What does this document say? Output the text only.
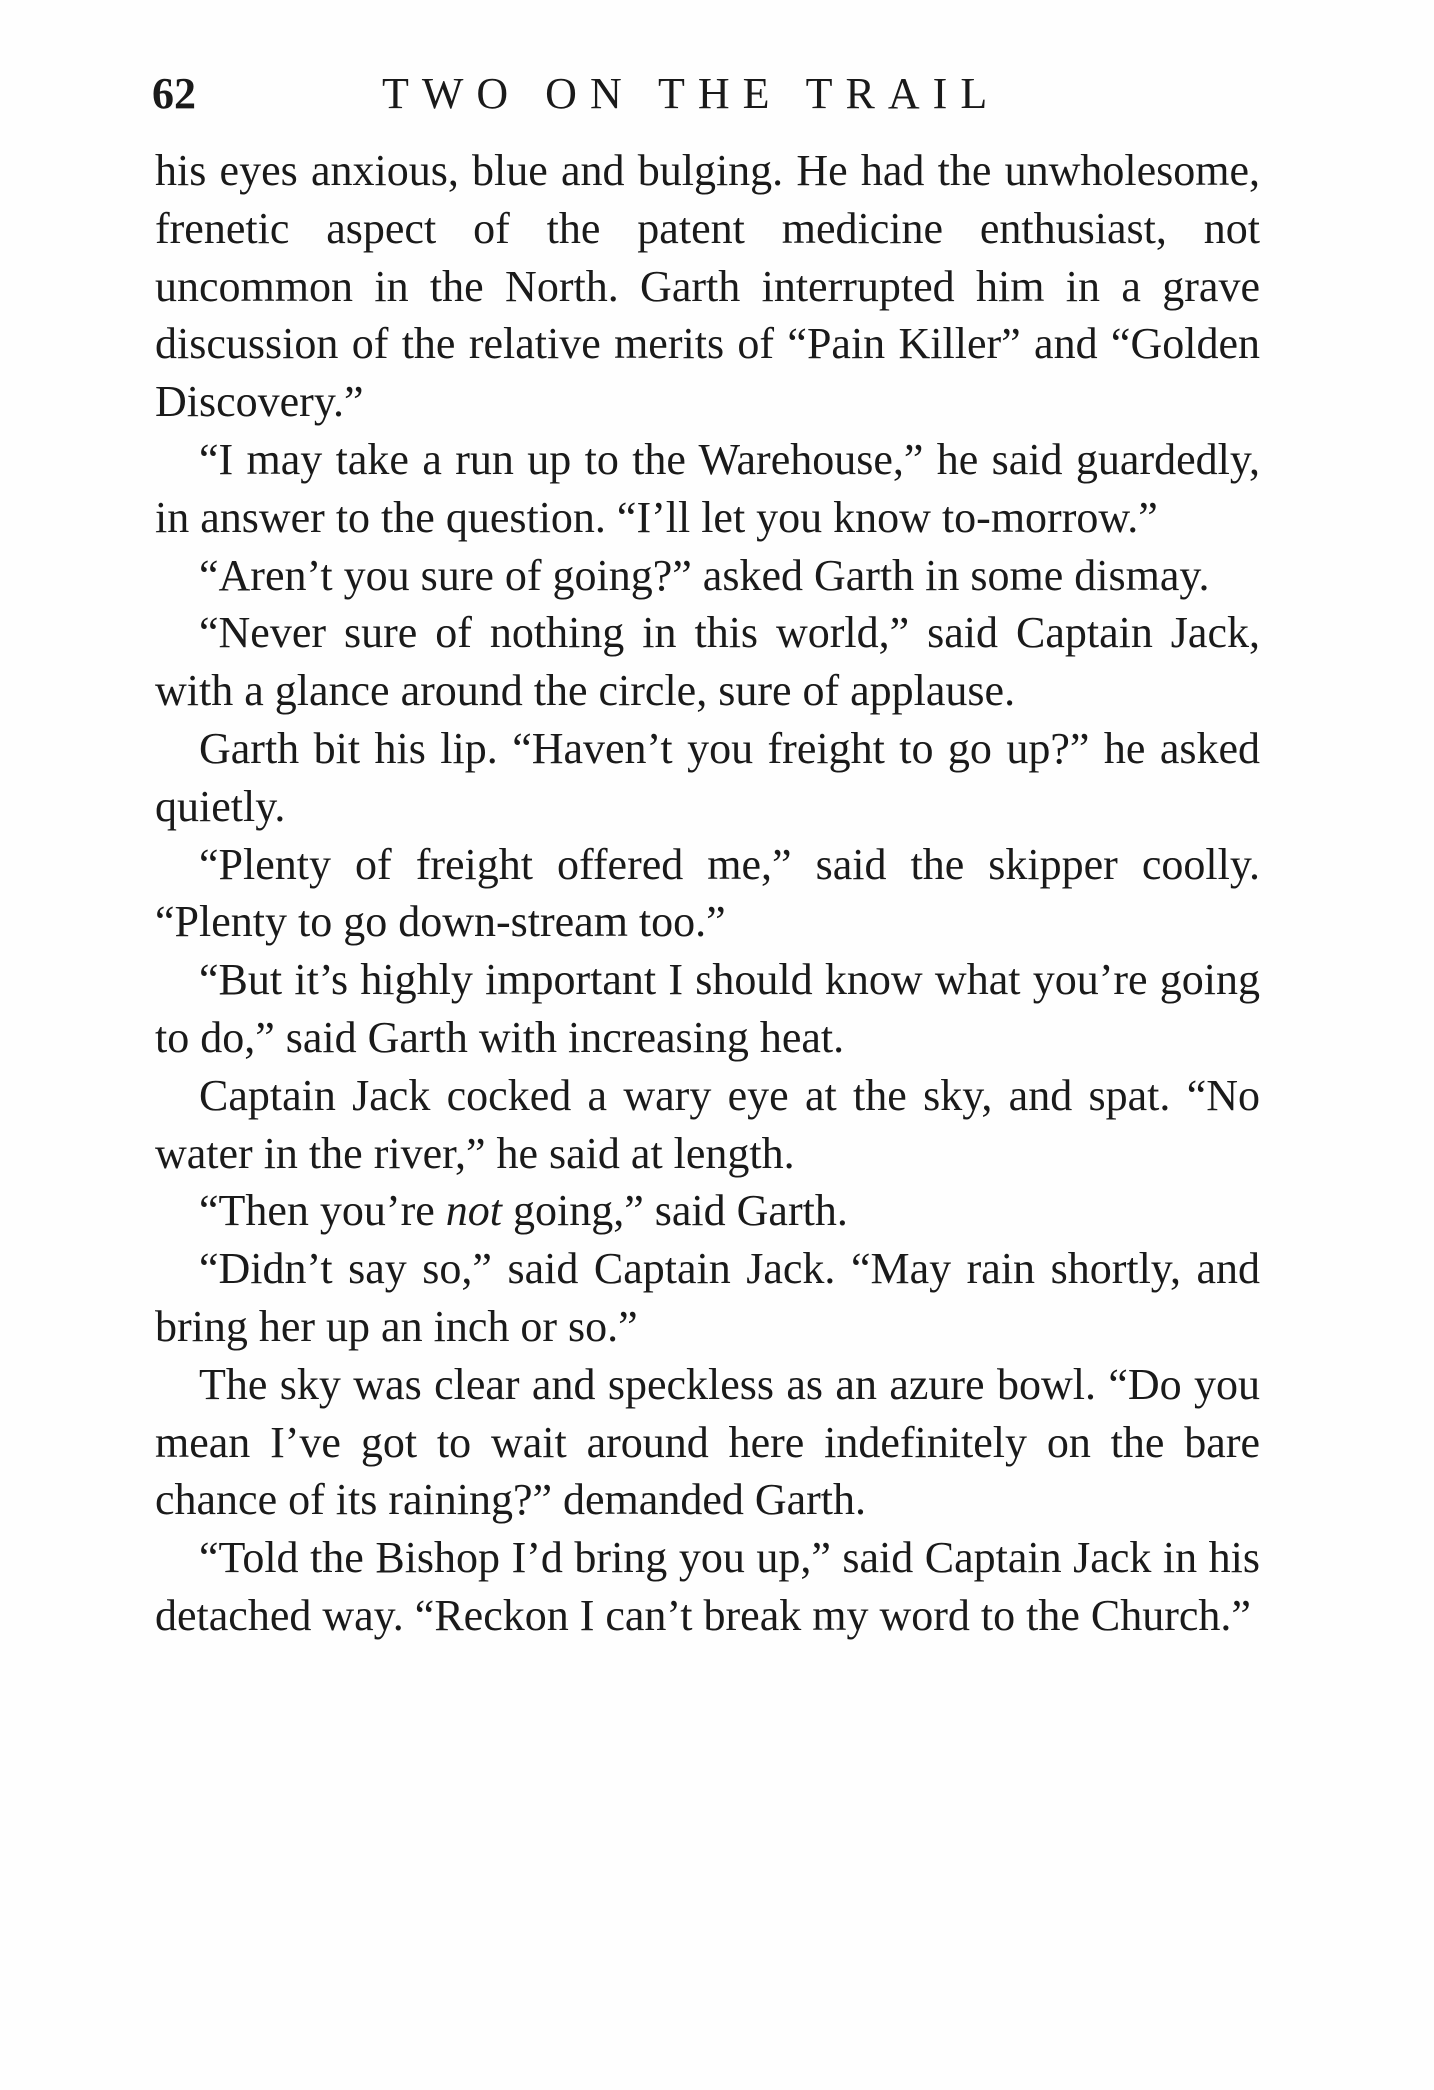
62	TWO ON THE TRAIL

his eyes anxious, blue and bulging. He had the unwholesome, frenetic aspect of the patent medicine enthusiast, not uncommon in the North. Garth interrupted him in a grave discussion of the relative merits of “Pain Killer” and “Golden Discovery.”

“I may take a run up to the Warehouse,” he said guardedly, in answer to the question. “I’ll let you know to-morrow.”

“Aren’t you sure of going?” asked Garth in some dismay.

“Never sure of nothing in this world,” said Captain Jack, with a glance around the circle, sure of applause.

Garth bit his lip. “Haven’t you freight to go up?” he asked quietly.

“Plenty of freight offered me,” said the skipper coolly. “Plenty to go down-stream too.”

“But it’s highly important I should know what you’re going to do,” said Garth with increasing heat.

Captain Jack cocked a wary eye at the sky, and spat. “No water in the river,” he said at length.

“Then you’re not going,” said Garth.

“Didn’t say so,” said Captain Jack. “May rain shortly, and bring her up an inch or so.”

The sky was clear and speckless as an azure bowl. “Do you mean I’ve got to wait around here indefinitely on the bare chance of its raining?” demanded Garth.

“Told the Bishop I’d bring you up,” said Captain Jack in his detached way. “Reckon I can’t break my word to the Church.”
